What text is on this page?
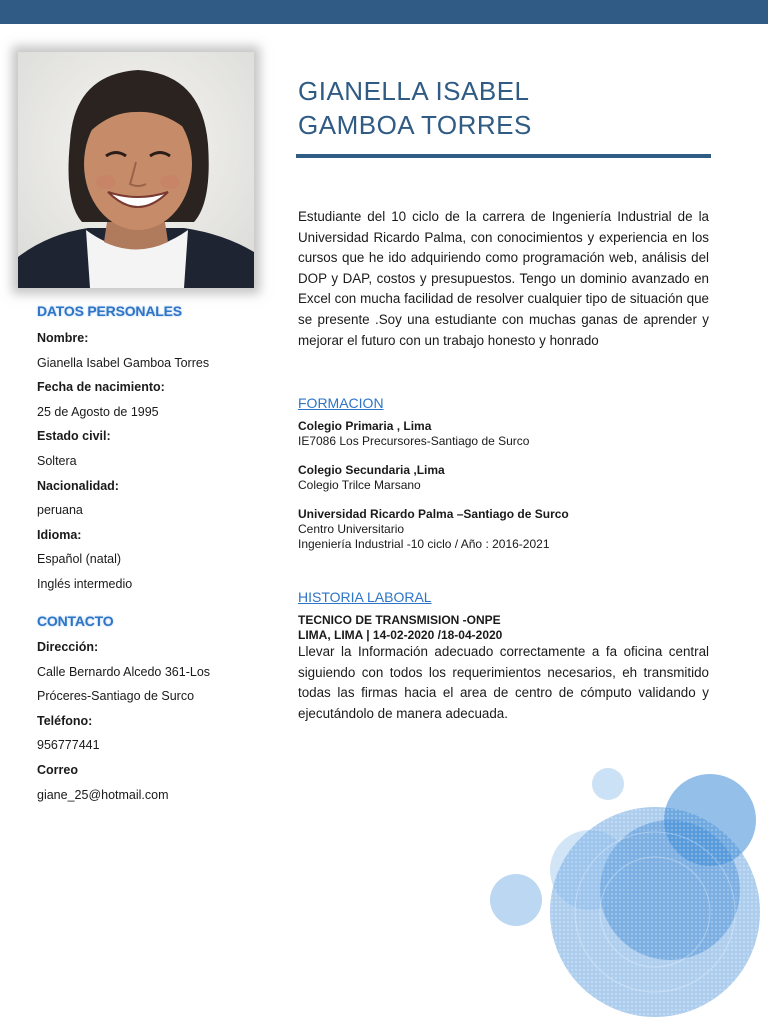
GIANELLA ISABEL
GAMBOA TORRES
DATOS PERSONALES
Nombre:
Gianella Isabel Gamboa Torres
Fecha de nacimiento:
25 de Agosto de 1995
Estado civil:
Soltera
Nacionalidad:
peruana
Idioma:
Español (natal)
Inglés intermedio
CONTACTO
Dirección:
Calle Bernardo Alcedo 361-Los
Próceres-Santiago de Surco
Teléfono:
956777441
Correo
giane_25@hotmail.com
Estudiante del 10 ciclo de la carrera de Ingeniería Industrial de la Universidad Ricardo Palma, con conocimientos y experiencia en los cursos que he ido adquiriendo como programación web, análisis del DOP y DAP, costos y presupuestos. Tengo un dominio avanzado en Excel con mucha facilidad de resolver cualquier tipo de situación que se presente .Soy una estudiante con muchas ganas de aprender y mejorar el futuro con un trabajo honesto y honrado
FORMACION
Colegio Primaria , Lima
IE7086 Los Precursores-Santiago de Surco
Colegio Secundaria ,Lima
Colegio Trilce Marsano
Universidad Ricardo Palma –Santiago de Surco
Centro Universitario
Ingeniería Industrial -10 ciclo / Año : 2016-2021
HISTORIA LABORAL
TECNICO DE TRANSMISION -ONPE
LIMA, LIMA | 14-02-2020 /18-04-2020
Llevar la Información adecuado correctamente a fa oficina central siguiendo con todos los requerimientos necesarios, eh transmitido todas las firmas hacia el area de centro de cómputo validando y ejecutándolo de manera adecuada.
